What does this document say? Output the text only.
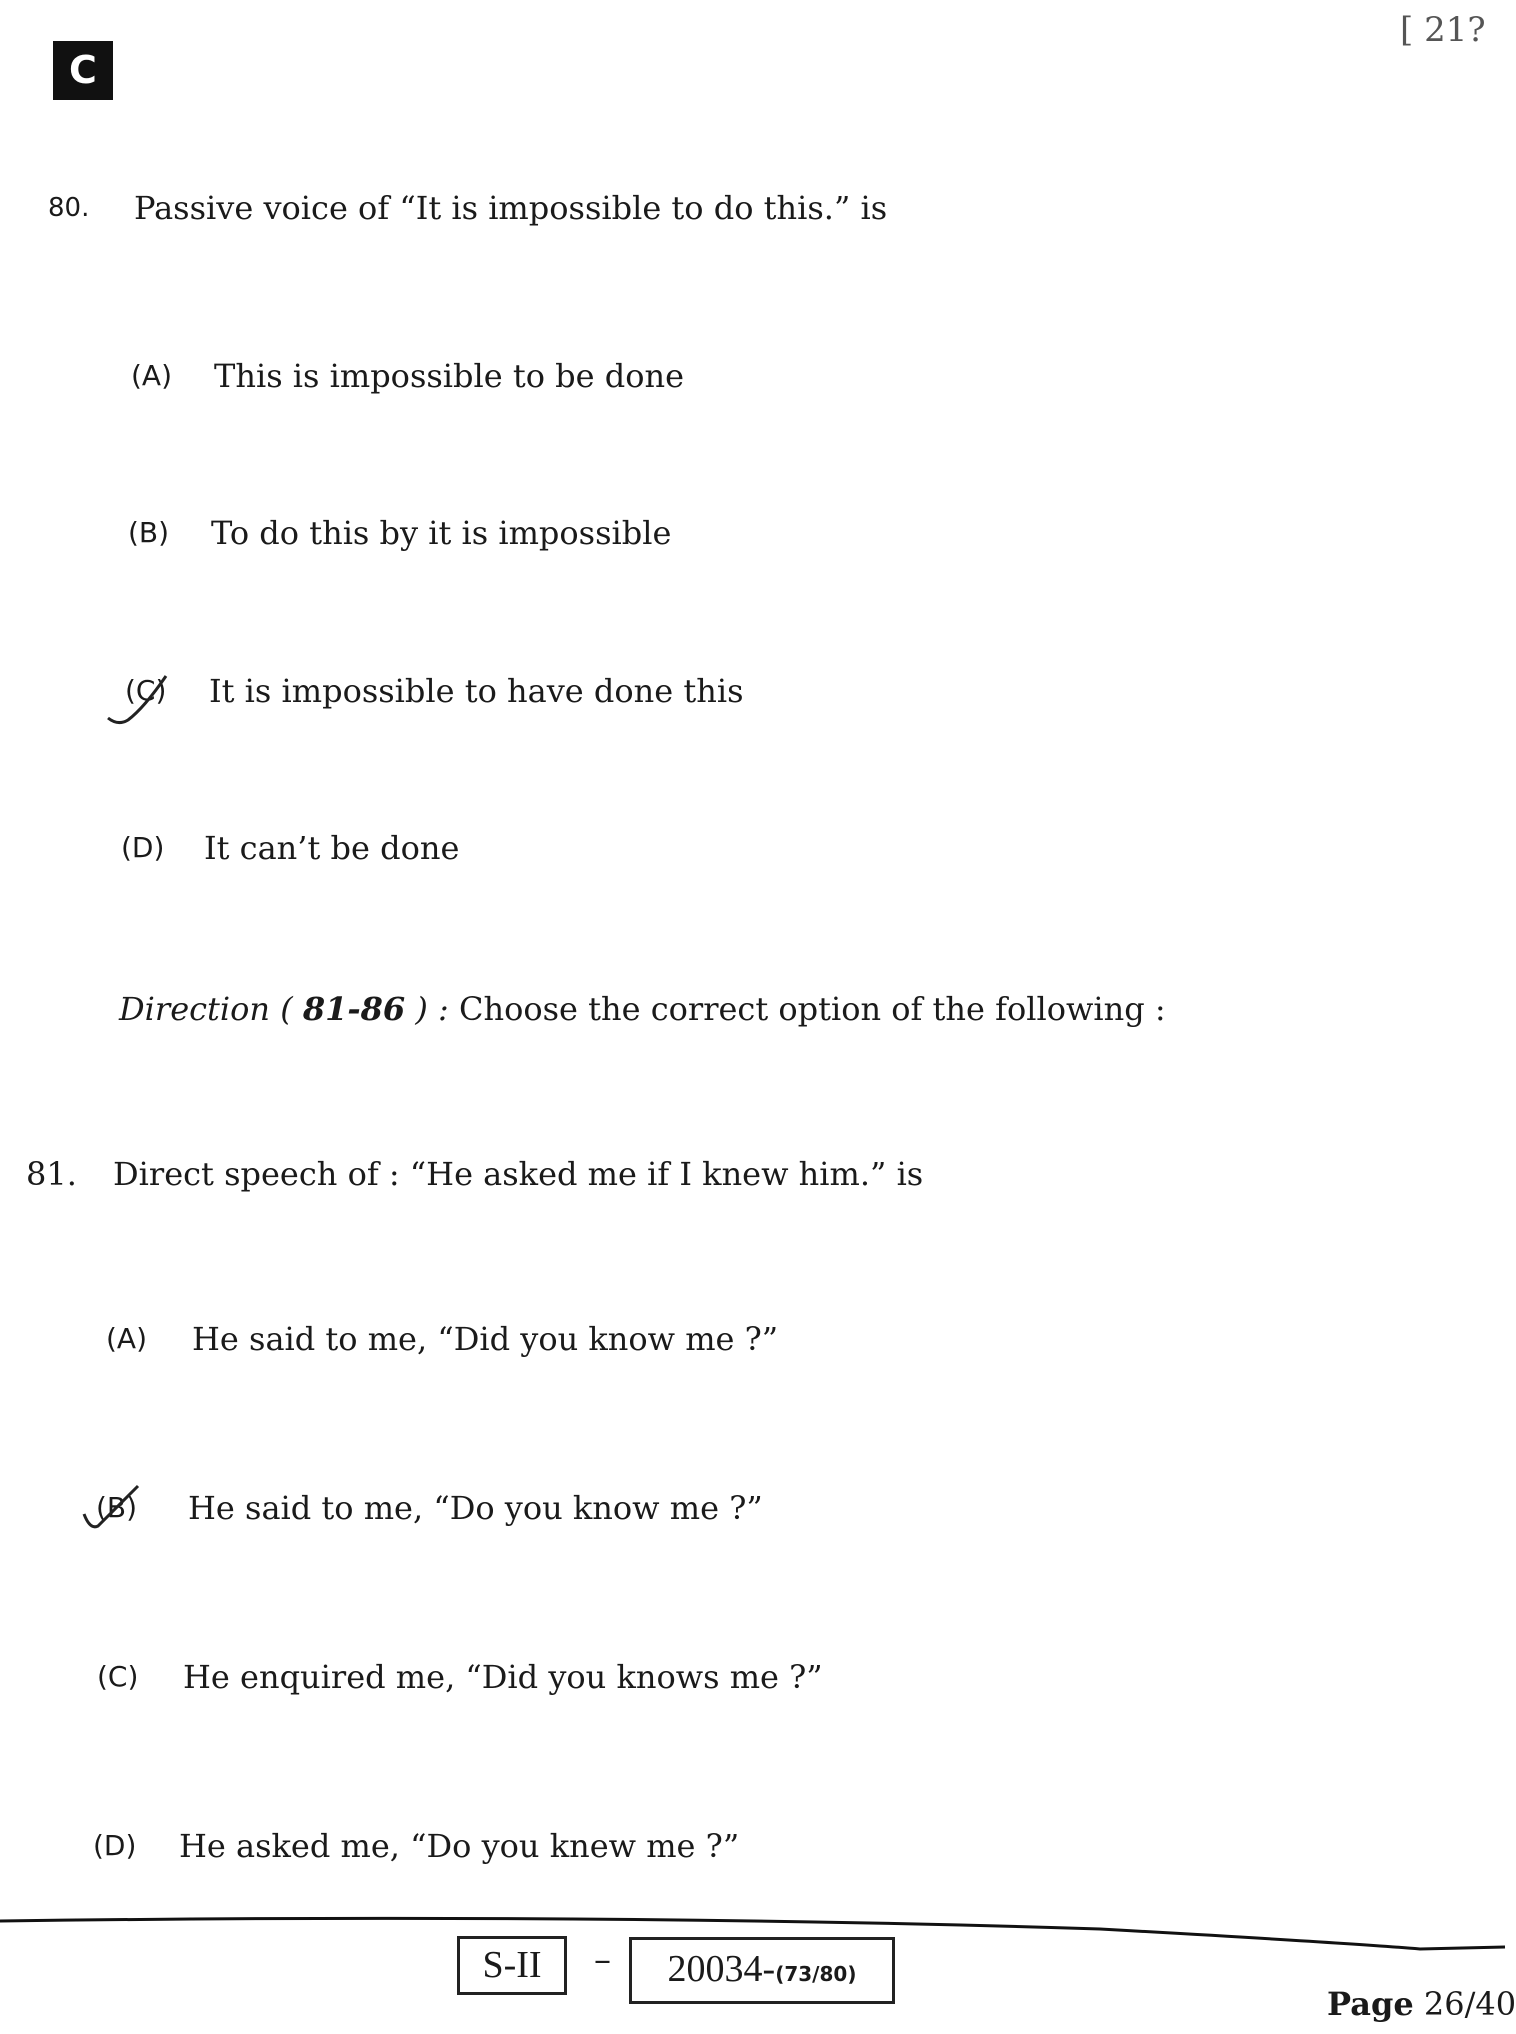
C
[ 21?
80. Passive voice of “It is impossible to do this.” is
(A) This is impossible to be done
(B) To do this by it is impossible
(C) It is impossible to have done this
(D) It can’t be done
Direction ( 81-86 ) : Choose the correct option of the following :
81. Direct speech of : “He asked me if I knew him.” is
(A) He said to me, “Did you know me ?”
(B) He said to me, “Do you know me ?”
(C) He enquired me, “Did you knows me ?”
(D) He asked me, “Do you knew me ?”
S-II	–	20034-(73/80)
Page 26/40
